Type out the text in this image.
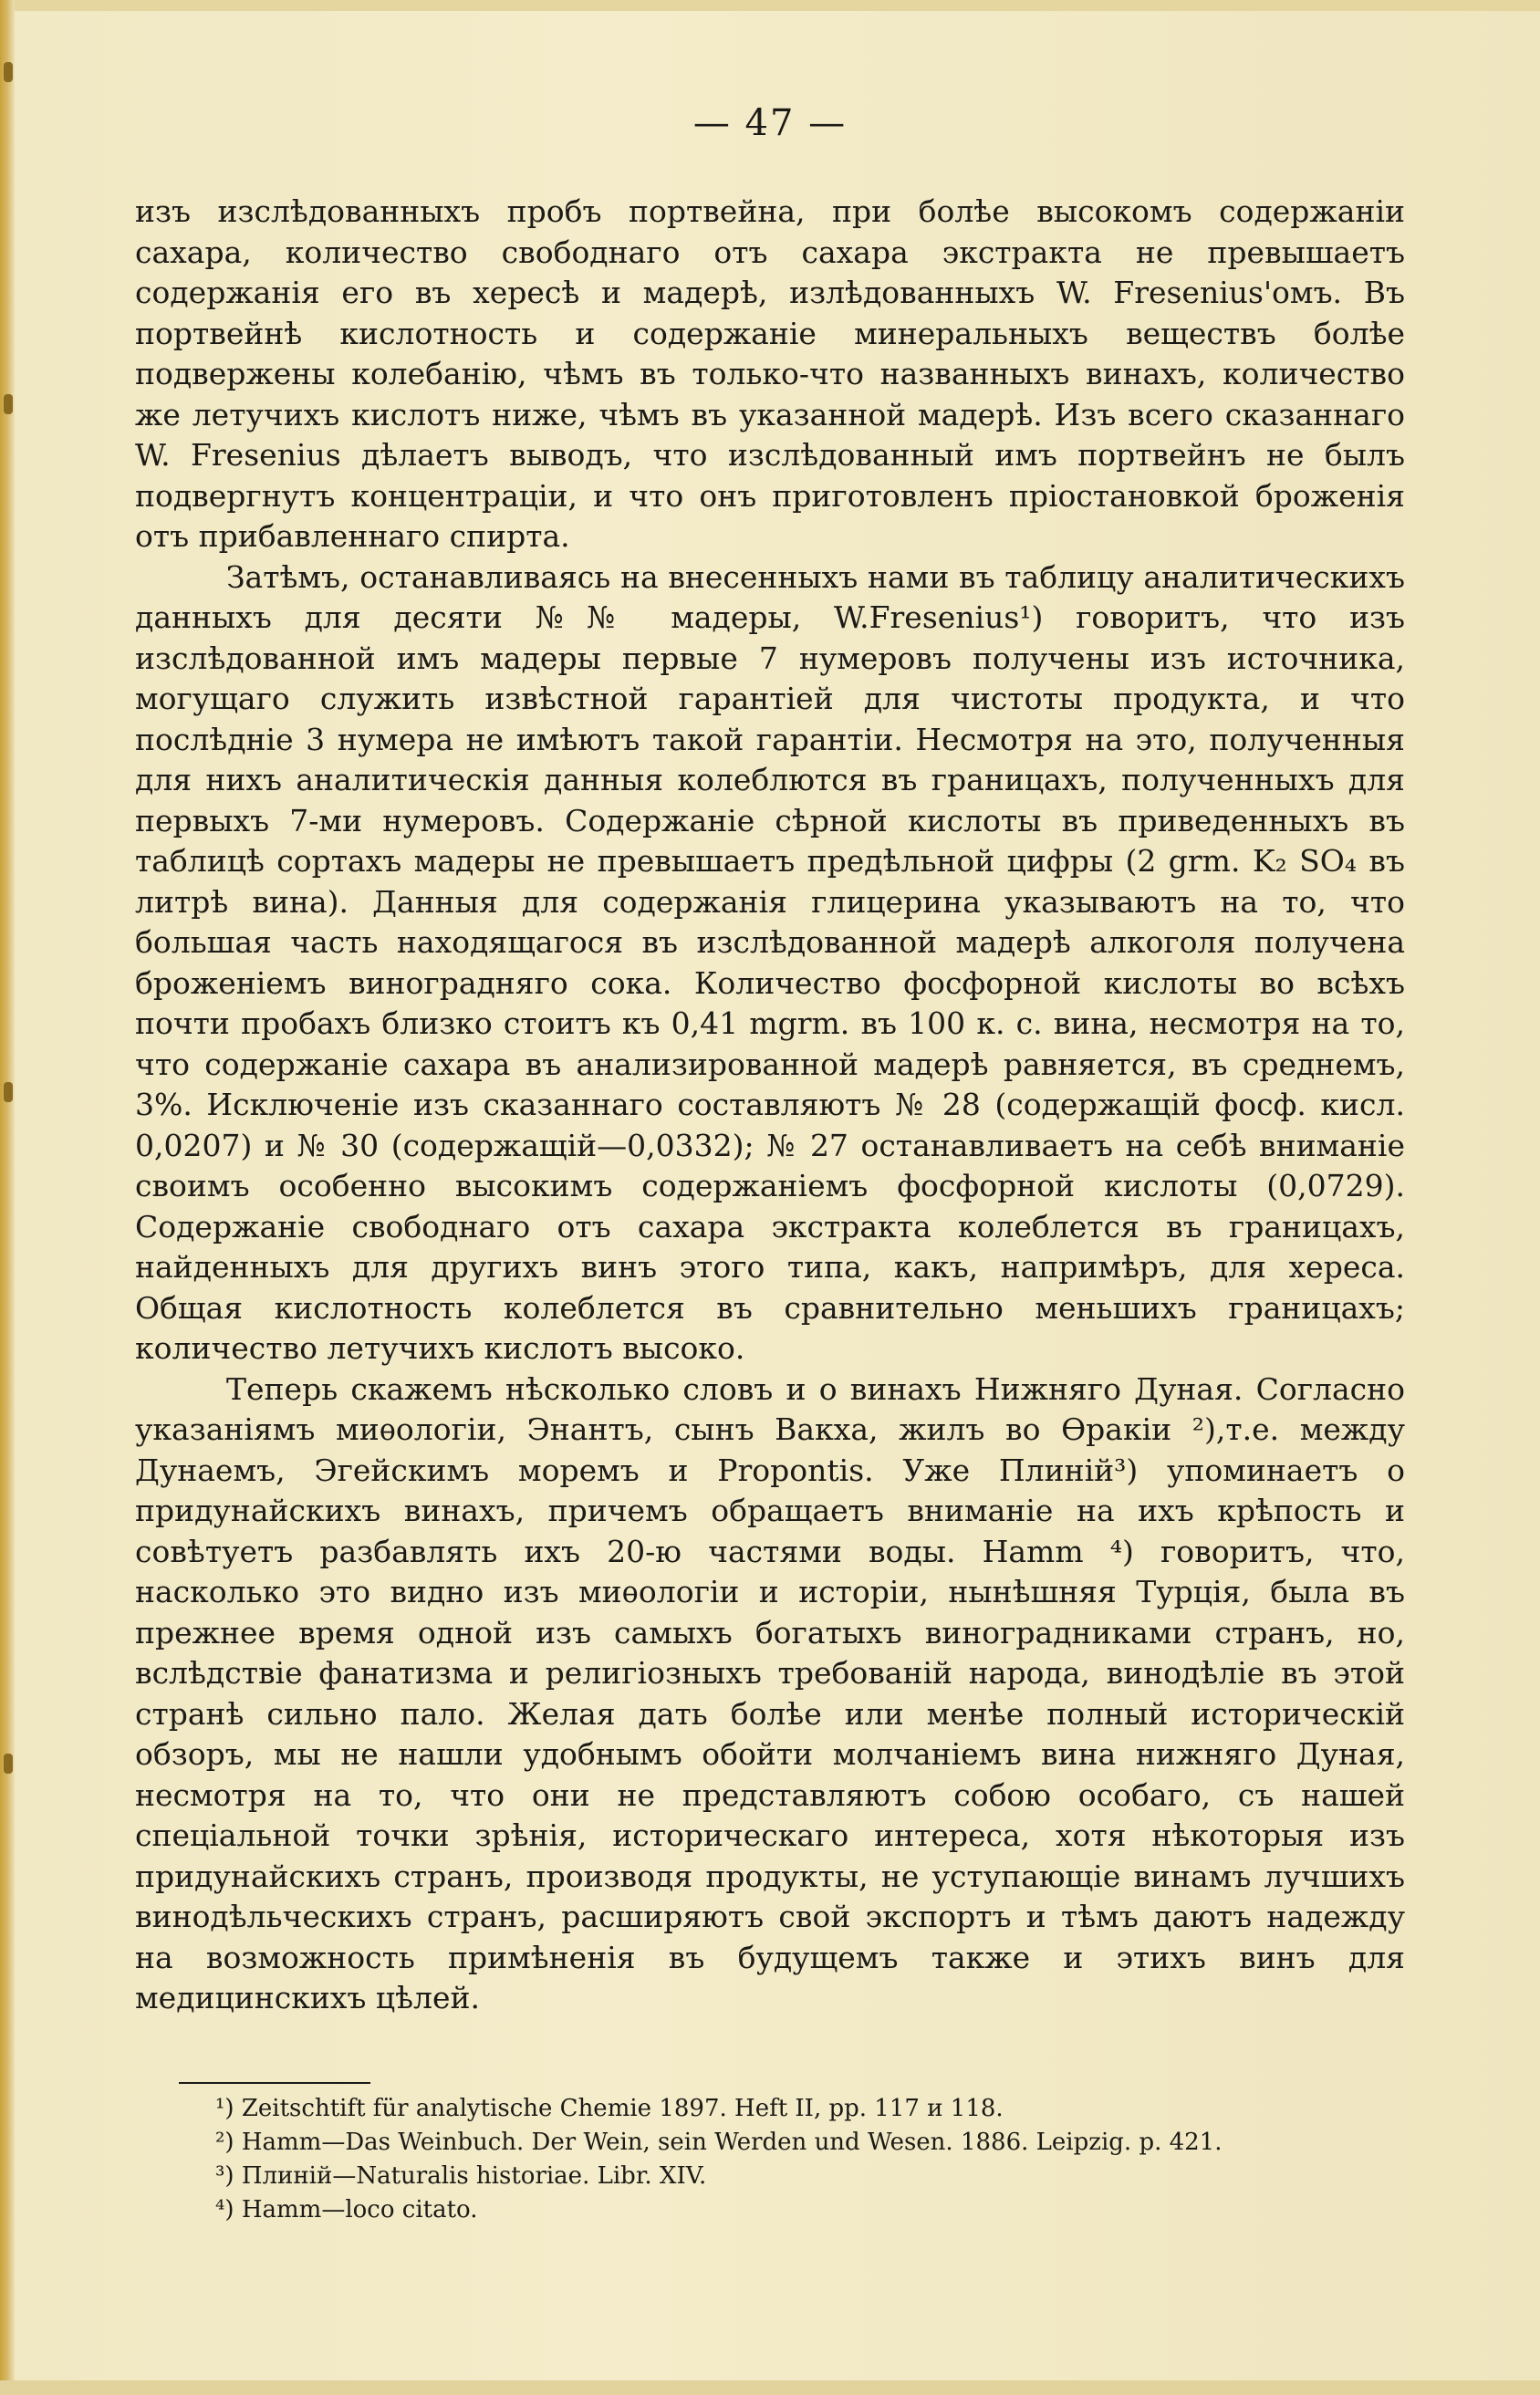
— 47 —

изъ изслѣдованныхъ пробъ портвейна, при болѣе высокомъ содержаніи сахара, количество свободнаго отъ сахара экстракта не превышаетъ содержанія его въ хересѣ и мадерѣ, излѣдованныхъ W. Fresenius'омъ. Въ портвейнѣ кислотность и содержаніе минеральныхъ веществъ болѣе подвержены колебанію, чѣмъ въ только-что названныхъ винахъ, количество же летучихъ кислотъ ниже, чѣмъ въ указанной мадерѣ. Изъ всего сказаннаго W. Fresenius дѣлаетъ выводъ, что изслѣдованный имъ портвейнъ не былъ подвергнутъ концентраціи, и что онъ приготовленъ пріостановкой броженія отъ прибавленнаго спирта.

Затѣмъ, останавливаясь на внесенныхъ нами въ таблицу аналитическихъ данныхъ для десяти №№ мадеры, W.Fresenius¹) говоритъ, что изъ изслѣдованной имъ мадеры первые 7 нумеровъ получены изъ источника, могущаго служить извѣстной гарантіей для чистоты продукта, и что послѣдніе 3 нумера не имѣютъ такой гарантіи. Несмотря на это, полученныя для нихъ аналитическія данныя колеблются въ границахъ, полученныхъ для первыхъ 7-ми нумеровъ. Содержаніе сѣрной кислоты въ приведенныхъ въ таблицѣ сортахъ мадеры не превышаетъ предѣльной цифры (2 grm. K₂ SO₄ въ литрѣ вина). Данныя для содержанія глицерина указываютъ на то, что большая часть находящагося въ изслѣдованной мадерѣ алкоголя получена броженіемъ виноградняго сока. Количество фосфорной кислоты во всѣхъ почти пробахъ близко стоитъ къ 0,41 mgrm. въ 100 к. с. вина, несмотря на то, что содержаніе сахара въ анализированной мадерѣ равняется, въ среднемъ, 3%. Исключеніе изъ сказаннаго составляютъ № 28 (содержащій фосф. кисл. 0,0207) и № 30 (содержащій—0,0332); № 27 останавливаетъ на себѣ вниманіе своимъ особенно высокимъ содержаніемъ фосфорной кислоты (0,0729). Содержаніе свободнаго отъ сахара экстракта колеблется въ границахъ, найденныхъ для другихъ винъ этого типа, какъ, напримѣръ, для хереса. Общая кислотность колеблется въ сравнительно меньшихъ границахъ; количество летучихъ кислотъ высоко.

Теперь скажемъ нѣсколько словъ и о винахъ Нижняго Дуная. Согласно указаніямъ миѳологіи, Энантъ, сынъ Вакха, жилъ во Ѳракіи ²),т.е. между Дунаемъ, Эгейскимъ моремъ и Propontis. Уже Плиній³) упоминаетъ о придунайскихъ винахъ, причемъ обращаетъ вниманіе на ихъ крѣпость и совѣтуетъ разбавлять ихъ 20-ю частями воды. Hamm ⁴) говоритъ, что, насколько это видно изъ миѳологіи и исторіи, нынѣшняя Турція, была въ прежнее время одной изъ самыхъ богатыхъ виноградниками странъ, но, вслѣдствіе фанатизма и религіозныхъ требованій народа, винодѣліе въ этой странѣ сильно пало. Желая дать болѣе или менѣе полный историческій обзоръ, мы не нашли удобнымъ обойти молчаніемъ вина нижняго Дуная, несмотря на то, что они не представляютъ собою особаго, съ нашей спеціальной точки зрѣнія, историческаго интереса, хотя нѣкоторыя изъ придунайскихъ странъ, производя продукты, не уступающіе винамъ лучшихъ винодѣльческихъ странъ, расширяютъ свой экспортъ и тѣмъ даютъ надежду на возможность примѣненія въ будущемъ также и этихъ винъ для медицинскихъ цѣлей.

¹) Zeitschtift für analytische Chemie 1897. Heft II, pp. 117 и 118.

²) Hamm—Das Weinbuch. Der Wein, sein Werden und Wesen. 1886. Leipzig. p. 421.

³) Плиній—Naturalis historiae. Libr. XIV.

⁴) Hamm—loco citato.
